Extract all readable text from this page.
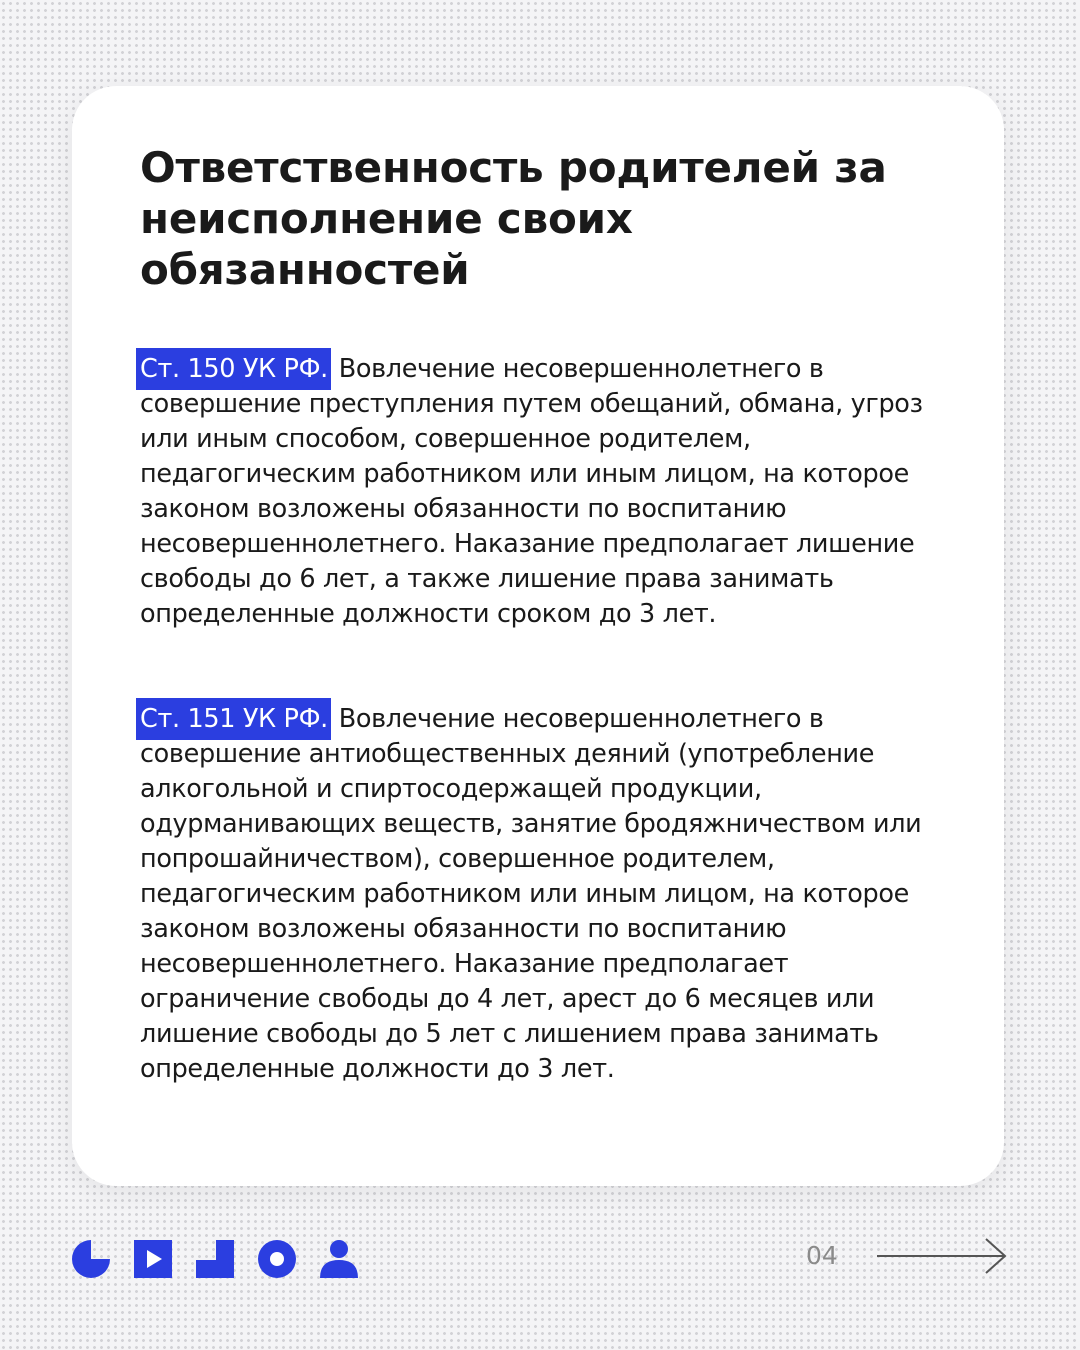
Ответственность родителей за неисполнение своих обязанностей

Ст. 150 УК РФ. Вовлечение несовершеннолетнего в совершение преступления путем обещаний, обмана, угроз или иным способом, совершенное родителем, педагогическим работником или иным лицом, на которое законом возложены обязанности по воспитанию несовершеннолетнего. Наказание предполагает лишение свободы до 6 лет, а также лишение права занимать определенные должности сроком до 3 лет.

Ст. 151 УК РФ. Вовлечение несовершеннолетнего в совершение антиобщественных деяний (употребление алкогольной и спиртосодержащей продукции, одурманивающих веществ, занятие бродяжничеством или попрошайничеством), совершенное родителем, педагогическим работником или иным лицом, на которое законом возложены обязанности по воспитанию несовершеннолетнего. Наказание предполагает ограничение свободы до 4 лет, арест до 6 месяцев или лишение свободы до 5 лет с лишением права занимать определенные должности до 3 лет.

04
